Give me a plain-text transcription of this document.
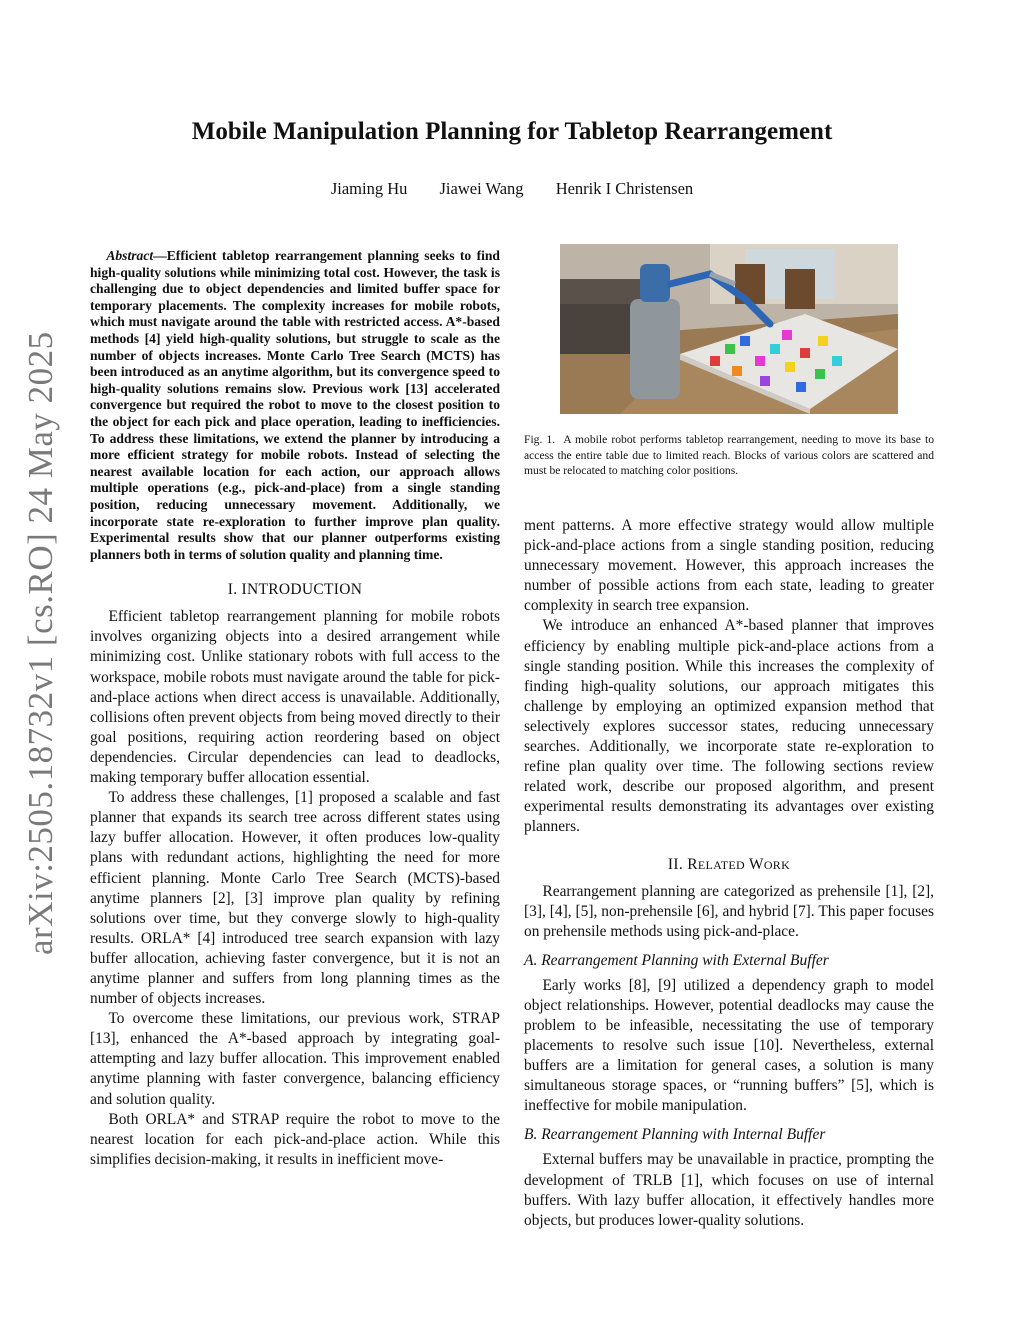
arXiv:2505.18732v1 [cs.RO] 24 May 2025
Mobile Manipulation Planning for Tabletop Rearrangement
Jiaming Hu Jiawei Wang Henrik I Christensen

Abstract—Efficient tabletop rearrangement planning seeks to find high-quality solutions while minimizing total cost. However, the task is challenging due to object dependencies and limited buffer space for temporary placements. The complexity increases for mobile robots, which must navigate around the table with restricted access. A*-based methods [4] yield high-quality solutions, but struggle to scale as the number of objects increases. Monte Carlo Tree Search (MCTS) has been introduced as an anytime algorithm, but its convergence speed to high-quality solutions remains slow. Previous work [13] accelerated convergence but required the robot to move to the closest position to the object for each pick and place operation, leading to inefficiencies. To address these limitations, we extend the planner by introducing a more efficient strategy for mobile robots. Instead of selecting the nearest available location for each action, our approach allows multiple operations (e.g., pick-and-place) from a single standing position, reducing unnecessary movement. Additionally, we incorporate state re-exploration to further improve plan quality. Experimental results show that our planner outperforms existing planners both in terms of solution quality and planning time.

I. INTRODUCTION

Efficient tabletop rearrangement planning for mobile robots involves organizing objects into a desired arrangement while minimizing cost. Unlike stationary robots with full access to the workspace, mobile robots must navigate around the table for pick-and-place actions when direct access is unavailable. Additionally, collisions often prevent objects from being moved directly to their goal positions, requiring action reordering based on object dependencies. Circular dependencies can lead to deadlocks, making temporary buffer allocation essential.

To address these challenges, [1] proposed a scalable and fast planner that expands its search tree across different states using lazy buffer allocation. However, it often produces low-quality plans with redundant actions, highlighting the need for more efficient planning. Monte Carlo Tree Search (MCTS)-based anytime planners [2], [3] improve plan quality by refining solutions over time, but they converge slowly to high-quality results. ORLA* [4] introduced tree search expansion with lazy buffer allocation, achieving faster convergence, but it is not an anytime planner and suffers from long planning times as the number of objects increases.

To overcome these limitations, our previous work, STRAP [13], enhanced the A*-based approach by integrating goal-attempting and lazy buffer allocation. This improvement enabled anytime planning with faster convergence, balancing efficiency and solution quality.

Both ORLA* and STRAP require the robot to move to the nearest location for each pick-and-place action. While this simplifies decision-making, it results in inefficient move-

Fig. 1. A mobile robot performs tabletop rearrangement, needing to move its base to access the entire table due to limited reach. Blocks of various colors are scattered and must be relocated to matching color positions.

ment patterns. A more effective strategy would allow multiple pick-and-place actions from a single standing position, reducing unnecessary movement. However, this approach increases the number of possible actions from each state, leading to greater complexity in search tree expansion.

We introduce an enhanced A*-based planner that improves efficiency by enabling multiple pick-and-place actions from a single standing position. While this increases the complexity of finding high-quality solutions, our approach mitigates this challenge by employing an optimized expansion method that selectively explores successor states, reducing unnecessary searches. Additionally, we incorporate state re-exploration to refine plan quality over time. The following sections review related work, describe our proposed algorithm, and present experimental results demonstrating its advantages over existing planners.

II. RELATED WORK

Rearrangement planning are categorized as prehensile [1], [2], [3], [4], [5], non-prehensile [6], and hybrid [7]. This paper focuses on prehensile methods using pick-and-place.

A. Rearrangement Planning with External Buffer

Early works [8], [9] utilized a dependency graph to model object relationships. However, potential deadlocks may cause the problem to be infeasible, necessitating the use of temporary placements to resolve such issue [10]. Nevertheless, external buffers are a limitation for general cases, a solution is many simultaneous storage spaces, or “running buffers” [5], which is ineffective for mobile manipulation.

B. Rearrangement Planning with Internal Buffer

External buffers may be unavailable in practice, prompting the development of TRLB [1], which focuses on use of internal buffers. With lazy buffer allocation, it effectively handles more objects, but produces lower-quality solutions.
